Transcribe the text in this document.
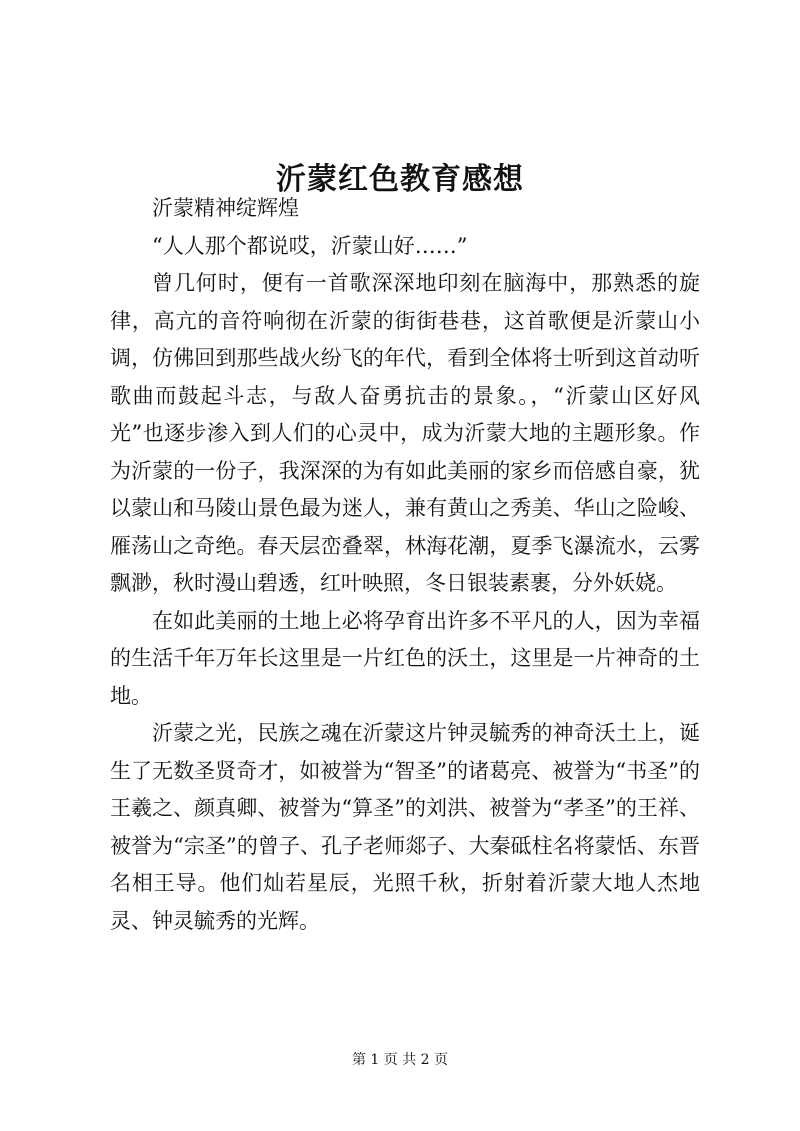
沂蒙红色教育感想

沂蒙精神绽辉煌

“人人那个都说哎，沂蒙山好……”

曾几何时，便有一首歌深深地印刻在脑海中，那熟悉的旋律，高亢的音符响彻在沂蒙的街街巷巷，这首歌便是沂蒙山小调，仿佛回到那些战火纷飞的年代，看到全体将士听到这首动听歌曲而鼓起斗志，与敌人奋勇抗击的景象。，“沂蒙山区好风光”也逐步渗入到人们的心灵中，成为沂蒙大地的主题形象。作为沂蒙的一份子，我深深的为有如此美丽的家乡而倍感自豪，犹以蒙山和马陵山景色最为迷人，兼有黄山之秀美、华山之险峻、雁荡山之奇绝。春天层峦叠翠，林海花潮，夏季飞瀑流水，云雾飘渺，秋时漫山碧透，红叶映照，冬日银装素裹，分外妖娆。

在如此美丽的土地上必将孕育出许多不平凡的人，因为幸福的生活千年万年长这里是一片红色的沃土，这里是一片神奇的土地。

沂蒙之光，民族之魂在沂蒙这片钟灵毓秀的神奇沃土上，诞生了无数圣贤奇才，如被誉为“智圣”的诸葛亮、被誉为“书圣”的王羲之、颜真卿、被誉为“算圣”的刘洪、被誉为“孝圣”的王祥、被誉为“宗圣”的曾子、孔子老师郯子、大秦砥柱名将蒙恬、东晋名相王导。他们灿若星辰，光照千秋，折射着沂蒙大地人杰地灵、钟灵毓秀的光辉。

第 1 页 共 2 页
